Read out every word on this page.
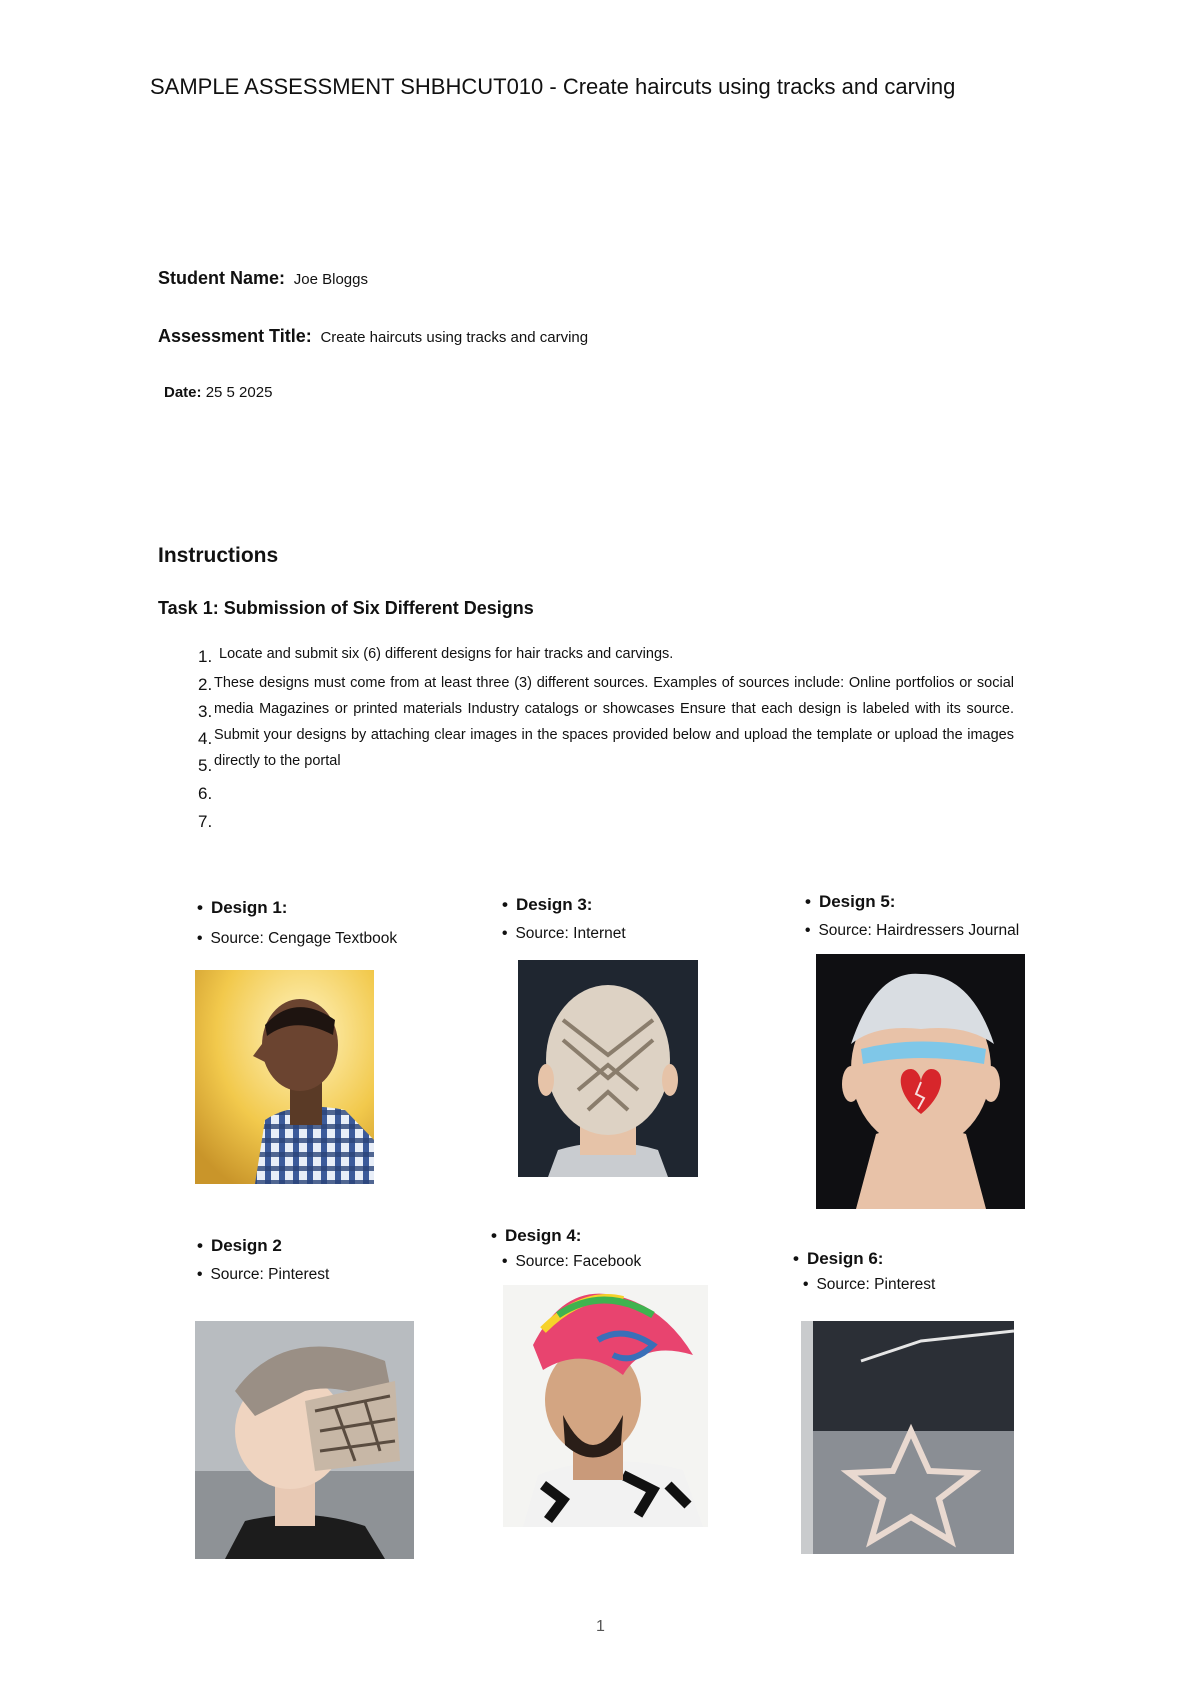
SAMPLE ASSESSMENT SHBHCUT010 - Create haircuts using tracks and carving
Student Name: Joe Bloggs
Assessment Title: Create haircuts using tracks and carving
Date: 25 5 2025
Instructions
Task 1: Submission of Six Different Designs
1.
2.
3.
4.
5.
6.
7.
Locate and submit six (6) different designs for hair tracks and carvings.
These designs must come from at least three (3) different sources. Examples of sources include: Online portfolios or social media Magazines or printed materials Industry catalogs or showcases Ensure that each design is labeled with its source. Submit your designs by attaching clear images in the spaces provided below and upload the template or upload the images directly to the portal
• Design 1:
• Source: Cengage Textbook
• Design 2
• Source: Pinterest
• Design 3:
• Source: Internet
• Design 4:
• Source: Facebook
• Design 5:
• Source: Hairdressers Journal
• Design 6:
• Source: Pinterest
1
